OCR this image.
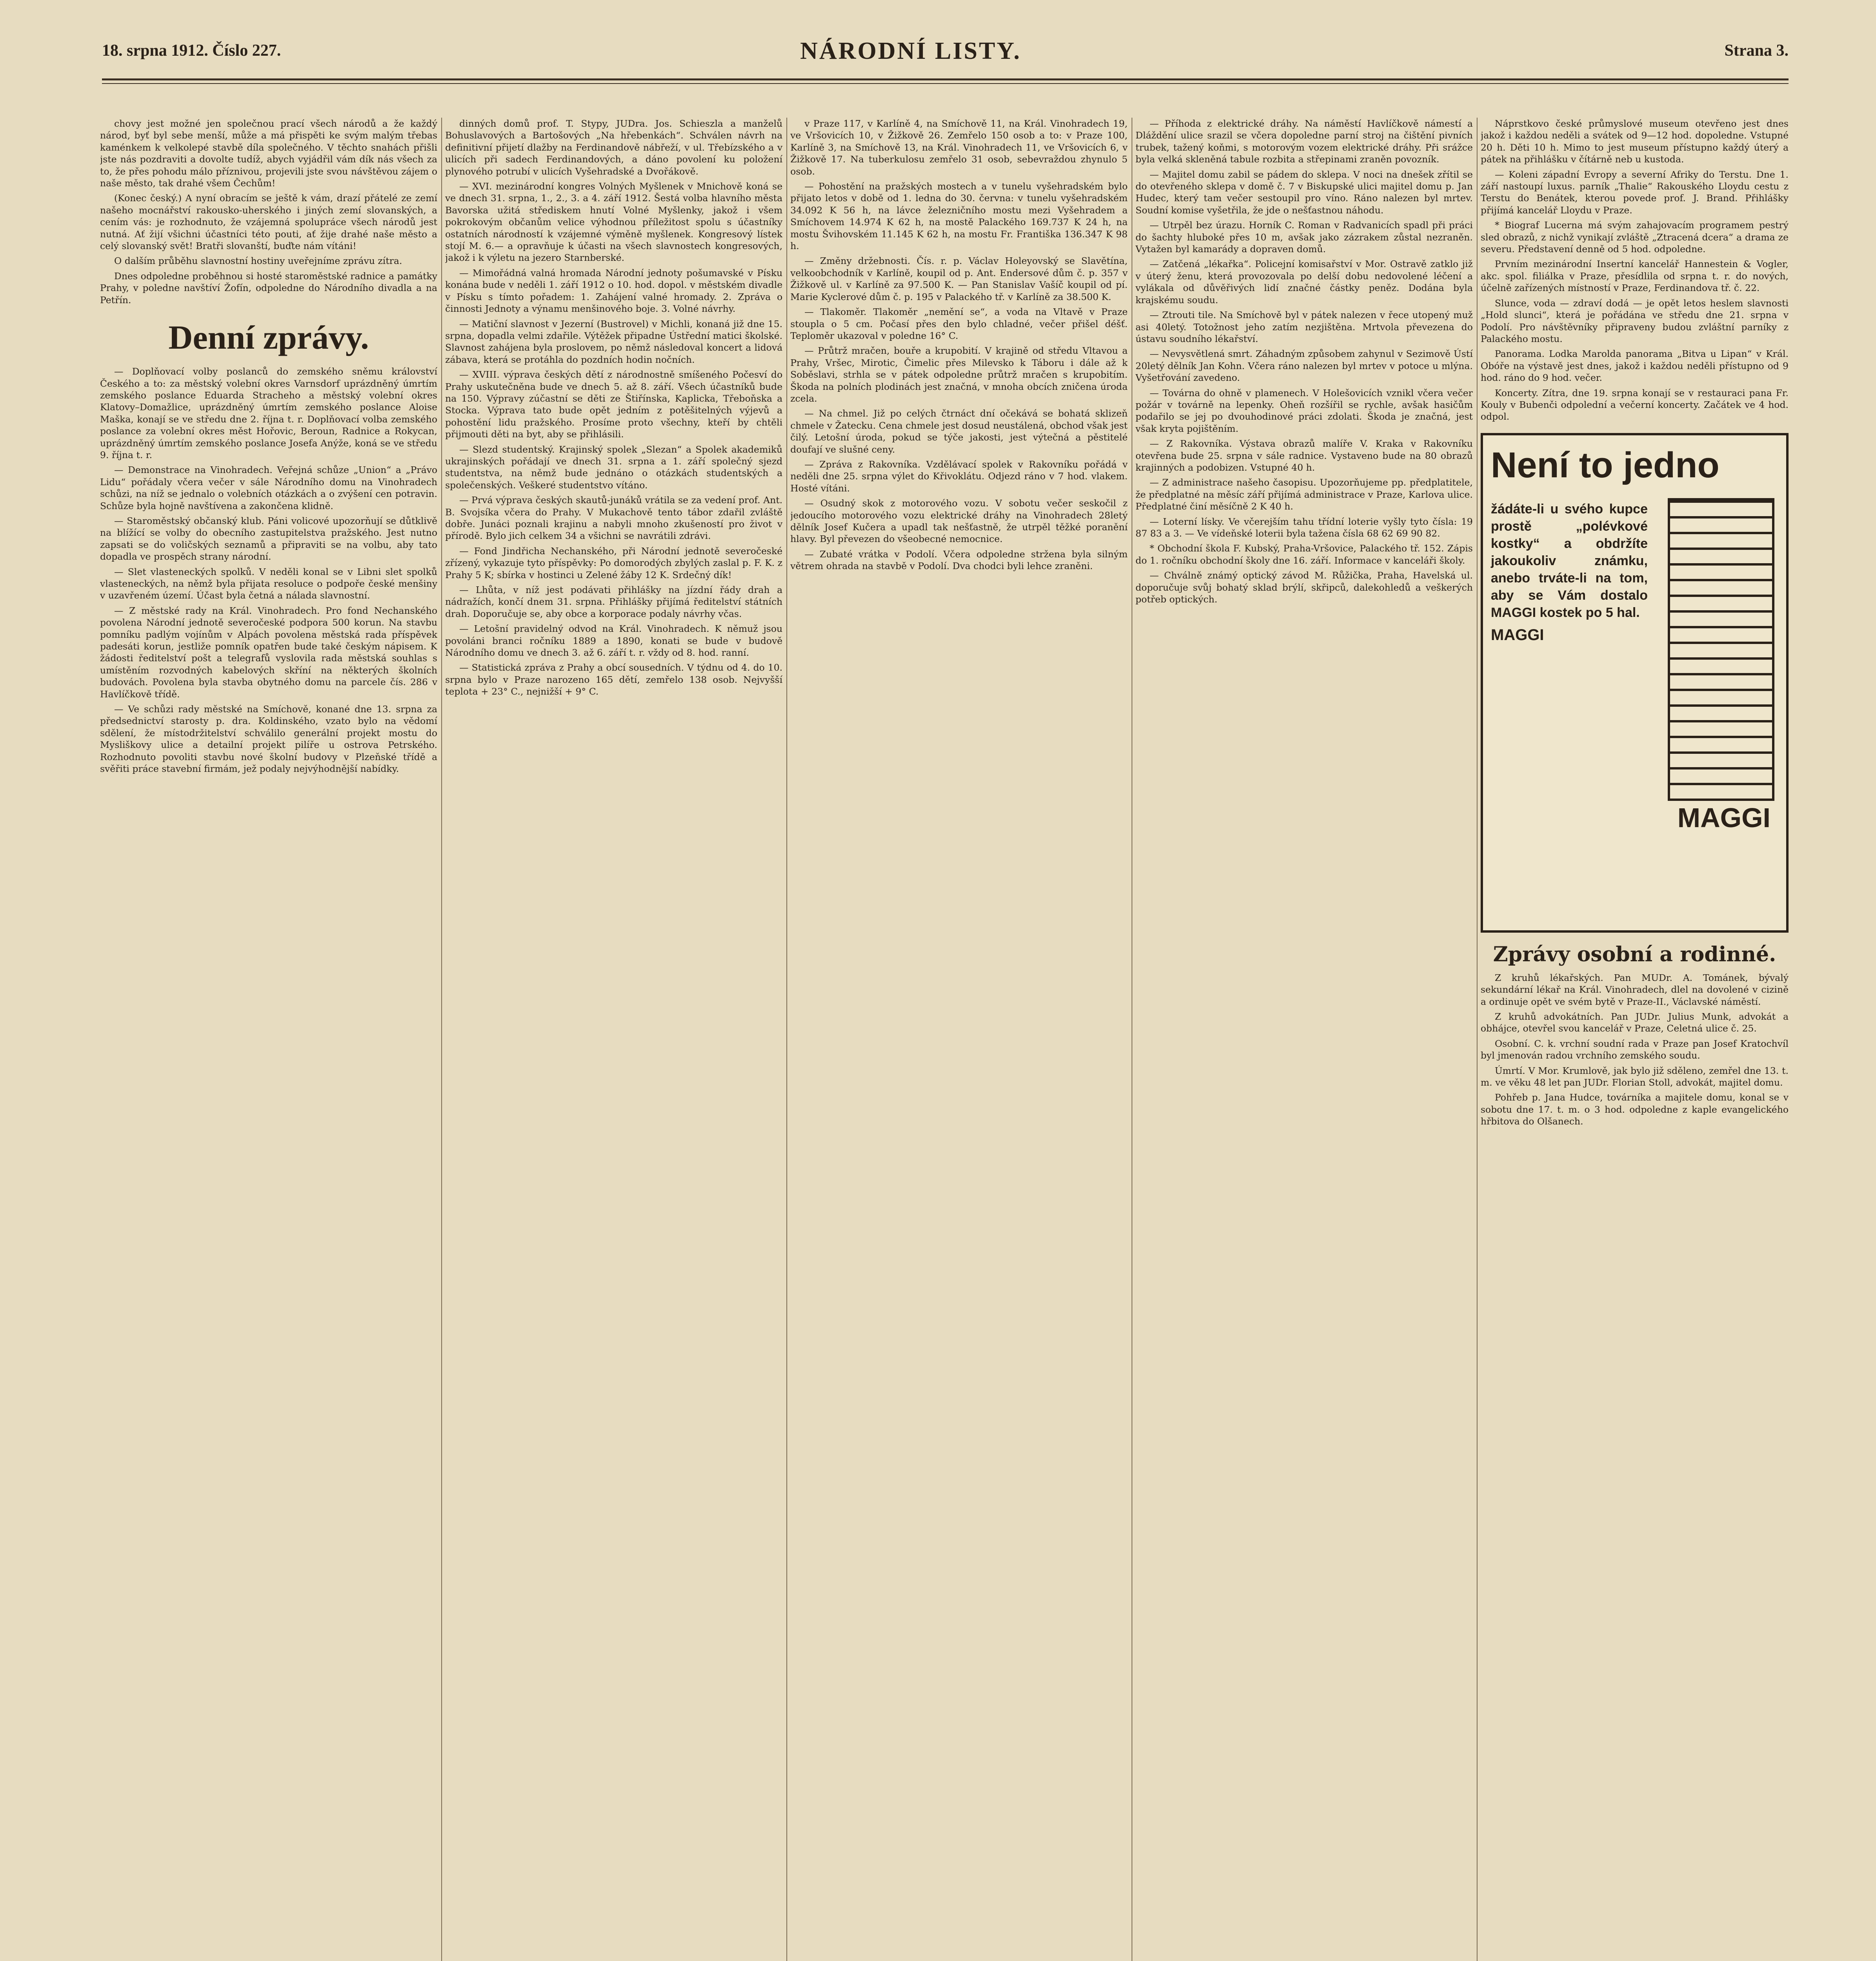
18. srpna 1912. Číslo 227.	NÁRODNÍ LISTY.	Strana 3.

chovy jest možné jen společnou prací všech národů a že každý národ, byť byl sebe menší, může a má přispěti ke svým malým třebas kaménkem k velkolepé stavbě díla společného. V těchto snahách přišli jste nás pozdraviti a dovolte tudíž, abych vyjádřil vám dík nás všech za to, že přes pohodu málo příznivou, projevili jste svou návštěvou zájem o naše město, tak drahé všem Čechům!

(Konec český.) A nyní obracím se ještě k vám, drazí přátelé ze zemí našeho mocnářství rakousko-uherského i jiných zemí slovanských, a cením vás: je rozhodnuto, že vzájemná spolupráce všech národů jest nutná. Ať žijí všichni účastníci této pouti, ať žije drahé naše město a celý slovanský svět! Bratři slovanští, buďte nám vítáni!

O dalším průběhu slavnostní hostiny uveřejníme zprávu zítra.

Dnes odpoledne proběhnou si hosté staroměstské radnice a památky Prahy, v poledne navštíví Žofín, odpoledne do Národního divadla a na Petřín.

Denní zprávy.

— Doplňovací volby poslanců do zemského sněmu království Českého a to: za městský volební okres Varnsdorf uprázdněný úmrtím zemského poslance Eduarda Stracheho a městský volební okres Klatovy–Domažlice, uprázdněný úmrtím zemského poslance Aloise Maška, konají se ve středu dne 2. října t. r. Doplňovací volba zemského poslance za volební okres měst Hořovic, Beroun, Radnice a Rokycan, uprázdněný úmrtím zemského poslance Josefa Anýže, koná se ve středu 9. října t. r.

— Demonstrace na Vinohradech. Veřejná schůze „Union“ a „Právo Lidu“ pořádaly včera večer v sále Národního domu na Vinohradech schůzi, na níž se jednalo o volebních otázkách a o zvýšení cen potravin. Schůze byla hojně navštívena a zakončena klidně.

— Staroměstský občanský klub. Páni volicové upozorňují se důtklivě na blížící se volby do obecního zastupitelstva pražského. Jest nutno zapsati se do voličských seznamů a připraviti se na volbu, aby tato dopadla ve prospěch strany národní.

— Slet vlasteneckých spolků. V neděli konal se v Libni slet spolků vlasteneckých, na němž byla přijata resoluce o podpoře české menšiny v uzavřeném území. Účast byla četná a nálada slavnostní.

— Z městské rady na Král. Vinohradech. Pro fond Nechanského povolena Národní jednotě severočeské podpora 500 korun. Na stavbu pomníku padlým vojínům v Alpách povolena městská rada příspěvek padesáti korun, jestliže pomník opatřen bude také českým nápisem. K žádosti ředitelství pošt a telegrafů vyslovila rada městská souhlas s umístěním rozvodných kabelových skříní na některých školních budovách. Povolena byla stavba obytného domu na parcele čís. 286 v Havlíčkově třídě.

— Ve schůzi rady městské na Smíchově, konané dne 13. srpna za předsednictví starosty p. dra. Koldinského, vzato bylo na vědomí sdělení, že místodržitelství schválilo generální projekt mostu do Mysliškovy ulice a detailní projekt pilíře u ostrova Petrského. Rozhodnuto povoliti stavbu nové školní budovy v Plzeňské třídě a svěřiti práce stavební firmám, jež podaly nejvýhodnější nabídky.

dinných domů prof. T. Stypy, JUDra. Jos. Schieszla a manželů Bohuslavových a Bartošových „Na hřebenkách“. Schválen návrh na definitivní přijetí dlažby na Ferdinandově nábřeží, v ul. Třebízského a v ulicích při sadech Ferdinandových, a dáno povolení ku položení plynového potrubí v ulicích Vyšehradské a Dvořákově.

— XVI. mezinárodní kongres Volných Myšlenek v Mnichově koná se ve dnech 31. srpna, 1., 2., 3. a 4. září 1912. Šestá volba hlavního města Bavorska užitá střediskem hnutí Volné Myšlenky, jakož i všem pokrokovým občanům velice výhodnou příležitost spolu s účastníky ostatních národností k vzájemné výměně myšlenek. Kongresový lístek stojí M. 6.— a opravňuje k účasti na všech slavnostech kongresových, jakož i k výletu na jezero Starnberské.

— Mimořádná valná hromada Národní jednoty pošumavské v Písku konána bude v neděli 1. září 1912 o 10. hod. dopol. v městském divadle v Písku s tímto pořadem: 1. Zahájení valné hromady. 2. Zpráva o činnosti Jednoty a výnamu menšinového boje. 3. Volné návrhy.

— Matiční slavnost v Jezerní (Bustrovel) v Michli, konaná již dne 15. srpna, dopadla velmi zdařile. Výtěžek připadne Ústřední matici školské. Slavnost zahájena byla proslovem, po němž následoval koncert a lidová zábava, která se protáhla do pozdních hodin nočních.

— XVIII. výprava českých dětí z národnostně smíšeného Počesví do Prahy uskutečněna bude ve dnech 5. až 8. září. Všech účastníků bude na 150. Výpravy zúčastní se děti ze Štiřínska, Kaplicka, Třeboňska a Stocka. Výprava tato bude opět jedním z potěšitelných výjevů a pohostění lidu pražského. Prosíme proto všechny, kteří by chtěli přijmouti děti na byt, aby se přihlásili.

— Slezd studentský. Krajinský spolek „Slezan“ a Spolek akademiků ukrajinských pořádají ve dnech 31. srpna a 1. září společný sjezd studentstva, na němž bude jednáno o otázkách studentských a společenských. Veškeré studentstvo vítáno.

— Prvá výprava českých skautů-junáků vrátila se za vedení prof. Ant. B. Svojsíka včera do Prahy. V Mukachově tento tábor zdařil zvláště dobře. Junáci poznali krajinu a nabyli mnoho zkušeností pro život v přírodě. Bylo jich celkem 34 a všichni se navrátili zdrávi.

— Fond Jindřicha Nechanského, při Národní jednotě severočeské zřízený, vykazuje tyto příspěvky: Po domorodých zbylých zaslal p. F. K. z Prahy 5 K; sbírka v hostinci u Zelené žáby 12 K. Srdečný dík!

— Lhůta, v níž jest podávati přihlášky na jízdní řády drah a nádražích, končí dnem 31. srpna. Přihlášky přijímá ředitelství státních drah. Doporučuje se, aby obce a korporace podaly návrhy včas.

— Letošní pravidelný odvod na Král. Vinohradech. K němuž jsou povoláni branci ročníku 1889 a 1890, konati se bude v budově Národního domu ve dnech 3. až 6. září t. r. vždy od 8. hod. ranní.

— Statistická zpráva z Prahy a obcí sousedních. V týdnu od 4. do 10. srpna bylo v Praze narozeno 165 dětí, zemřelo 138 osob. Nejvyšší teplota + 23° C., nejnižší + 9° C.

v Praze 117, v Karlíně 4, na Smíchově 11, na Král. Vinohradech 19, ve Vršovicích 10, v Žižkově 26. Zemřelo 150 osob a to: v Praze 100, Karlíně 3, na Smíchově 13, na Král. Vinohradech 11, ve Vršovicích 6, v Žižkově 17. Na tuberkulosu zemřelo 31 osob, sebevraždou zhynulo 5 osob.

— Pohostění na pražských mostech a v tunelu vyšehradském bylo přijato letos v době od 1. ledna do 30. června: v tunelu vyšehradském 34.092 K 56 h, na lávce železničního mostu mezi Vyšehradem a Smíchovem 14.974 K 62 h, na mostě Palackého 169.737 K 24 h, na mostu Švihovském 11.145 K 62 h, na mostu Fr. Františka 136.347 K 98 h.

— Změny držebnosti. Čís. r. p. Václav Holeyovský se Slavětína, velkoobchodník v Karlíně, koupil od p. Ant. Endersové dům č. p. 357 v Žižkově ul. v Karlíně za 97.500 K. — Pan Stanislav Vašíč koupil od pí. Marie Kyclerové dům č. p. 195 v Palackého tř. v Karlíně za 38.500 K.

— Tlakoměr. Tlakoměr „nemění se“, a voda na Vltavě v Praze stoupla o 5 cm. Počasí přes den bylo chladné, večer přišel déšť. Teploměr ukazoval v poledne 16° C.

— Průtrž mračen, bouře a krupobití. V krajině od středu Vltavou a Prahy, Vršec, Mirotic, Čimelic přes Milevsko k Táboru i dále až k Soběslavi, strhla se v pátek odpoledne průtrž mračen s krupobitím. Škoda na polních plodinách jest značná, v mnoha obcích zničena úroda zcela.

— Na chmel. Již po celých čtrnáct dní očekává se bohatá sklizeň chmele v Žatecku. Cena chmele jest dosud neustálená, obchod však jest čilý. Letošní úroda, pokud se týče jakosti, jest výtečná a pěstitelé doufají ve slušné ceny.

— Zpráva z Rakovníka. Vzdělávací spolek v Rakovníku pořádá v neděli dne 25. srpna výlet do Křivoklátu. Odjezd ráno v 7 hod. vlakem. Hosté vítáni.

— Osudný skok z motorového vozu. V sobotu večer seskočil z jedoucího motorového vozu elektrické dráhy na Vinohradech 28letý dělník Josef Kučera a upadl tak nešťastně, že utrpěl těžké poranění hlavy. Byl převezen do všeobecné nemocnice.

— Zubaté vrátka v Podolí. Včera odpoledne stržena byla silným větrem ohrada na stavbě v Podolí. Dva chodci byli lehce zraněni.

— Příhoda z elektrické dráhy. Na náměstí Havlíčkově námestí a Dláždění ulice srazil se včera dopoledne parní stroj na čištění pivních trubek, tažený koňmi, s motorovým vozem elektrické dráhy. Při srážce byla velká skleněná tabule rozbita a střepinami zraněn povozník.

— Majitel domu zabil se pádem do sklepa. V noci na dnešek zřítil se do otevřeného sklepa v domě č. 7 v Biskupské ulici majitel domu p. Jan Hudec, který tam večer sestoupil pro víno. Ráno nalezen byl mrtev. Soudní komise vyšetřila, že jde o nešťastnou náhodu.

— Utrpěl bez úrazu. Horník C. Roman v Radvanicích spadl při práci do šachty hluboké přes 10 m, avšak jako zázrakem zůstal nezraněn. Vytažen byl kamarády a dopraven domů.

— Zatčená „lékařka“. Policejní komisařství v Mor. Ostravě zatklo již v úterý ženu, která provozovala po delší dobu nedovolené léčení a vylákala od důvěřivých lidí značné částky peněz. Dodána byla krajskému soudu.

— Ztrouti tile. Na Smíchově byl v pátek nalezen v řece utopený muž asi 40letý. Totožnost jeho zatím nezjištěna. Mrtvola převezena do ústavu soudního lékařství.

— Nevysvětlená smrt. Záhadným způsobem zahynul v Sezimově Ústí 20letý dělník Jan Kohn. Včera ráno nalezen byl mrtev v potoce u mlýna. Vyšetřování zavedeno.

— Továrna do ohně v plamenech. V Holešovicích vznikl včera večer požár v továrně na lepenky. Oheň rozšířil se rychle, avšak hasičům podařilo se jej po dvouhodinové práci zdolati. Škoda je značná, jest však kryta pojištěním.

— Z Rakovníka. Výstava obrazů malíře V. Kraka v Rakovníku otevřena bude 25. srpna v sále radnice. Vystaveno bude na 80 obrazů krajinných a podobizen. Vstupné 40 h.

— Z administrace našeho časopisu. Upozorňujeme pp. předplatitele, že předplatné na měsíc září přijímá administrace v Praze, Karlova ulice. Předplatné činí měsíčně 2 K 40 h.

— Loterní lísky. Ve včerejším tahu třídní loterie vyšly tyto čísla: 19 87 83 a 3. — Ve vídeňské loterii byla tažena čísla 68 62 69 90 82.

* Obchodní škola F. Kubský, Praha-Vršovice, Palackého tř. 152. Zápis do 1. ročníku obchodní školy dne 16. září. Informace v kanceláři školy.

— Chválně známý optický závod M. Růžička, Praha, Havelská ul. doporučuje svůj bohatý sklad brýlí, skřipců, dalekohledů a veškerých potřeb optických.

Náprstkovo české průmyslové museum otevřeno jest dnes jakož i každou neděli a svátek od 9—12 hod. dopoledne. Vstupné 20 h. Děti 10 h. Mimo to jest museum přístupno každý úterý a pátek na přihlášku v čítárně neb u kustoda.

— Koleni západní Evropy a severní Afriky do Terstu. Dne 1. září nastoupí luxus. parník „Thalie“ Rakouského Lloydu cestu z Terstu do Benátek, kterou povede prof. J. Brand. Přihlášky přijímá kancelář Lloydu v Praze.

* Biograf Lucerna má svým zahajovacím programem pestrý sled obrazů, z nichž vynikají zvláště „Ztracená dcera“ a drama ze severu. Představení denně od 5 hod. odpoledne.

Prvním mezinárodní Insertní kancelář Hannestein & Vogler, akc. spol. filiálka v Praze, přesídlila od srpna t. r. do nových, účelně zařízených místností v Praze, Ferdinandova tř. č. 22.

Slunce, voda — zdraví dodá — je opět letos heslem slavnosti „Hold slunci“, která je pořádána ve středu dne 21. srpna v Podolí. Pro návštěvníky připraveny budou zvláštní parníky z Palackého mostu.

Panorama. Lodka Marolda panorama „Bitva u Lipan“ v Král. Obóře na výstavě jest dnes, jakož i každou neděli přístupno od 9 hod. ráno do 9 hod. večer.

Koncerty. Zítra, dne 19. srpna konají se v restauraci pana Fr. Kouly v Bubenči odpolední a večerní koncerty. Začátek ve 4 hod. odpol.

Není to jedno
žádáte-li u svého kupce prostě „polévkové kostky“ a obdržíte jakoukoliv známku, anebo trváte-li na tom, aby se Vám dostalo MAGGI kostek po 5 hal.
MAGGI
MAGGI
Zprávy osobní a rodinné.

Z kruhů lékařských. Pan MUDr. A. Tománek, bývalý sekundární lékař na Král. Vinohradech, dlel na dovolené v cizině a ordinuje opět ve svém bytě v Praze-II., Václavské náměstí.

Z kruhů advokátních. Pan JUDr. Julius Munk, advokát a obhájce, otevřel svou kancelář v Praze, Celetná ulice č. 25.

Osobní. C. k. vrchní soudní rada v Praze pan Josef Kratochvíl byl jmenován radou vrchního zemského soudu.

Úmrtí. V Mor. Krumlově, jak bylo již sděleno, zemřel dne 13. t. m. ve věku 48 let pan JUDr. Florian Stoll, advokát, majitel domu.

Pohřeb p. Jana Hudce, továrníka a majitele domu, konal se v sobotu dne 17. t. m. o 3 hod. odpoledne z kaple evangelického hřbitova do Olšanech.
